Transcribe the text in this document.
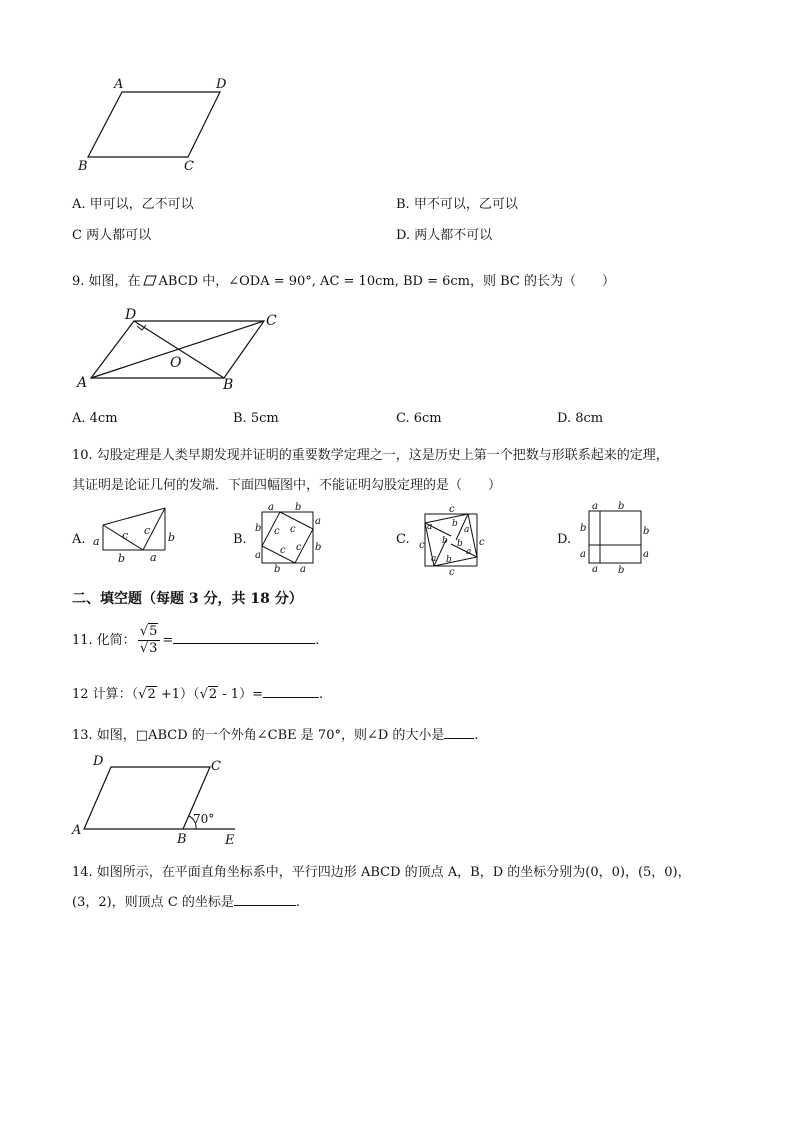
A	D
B	C
A. 甲可以，乙不可以	B. 甲不可以，乙可以
C 两人都可以	D. 两人都不可以
9. 如图，在 ABCD 中，∠ODA = 90°, AC = 10cm, BD = 6cm，则 BC 的长为（　　）
D	C
O
A	B
A. 4cm	B. 5cm	C. 6cm	D. 8cm
10. 勾股定理是人类早期发现并证明的重要数学定理之一，这是历史上第一个把数与形联系起来的定理，
其证明是论证几何的发端．下面四幅图中，不能证明勾股定理的是（　　）
A. a c c
b
b a
B.
a b
b
a
a
b
b a
c c
c c
C.
c
a b
a
b b
a
c	c
a b
c
D.
a b
b
a
b
a
a b
二、填空题（每题 3 分，共 18 分）
11. 化简： $\frac{√5}{√3}$ =	.
12 计算：（√2 +1）（√2 - 1）=	.
13. 如图，□ABCD 的一个外角∠CBE 是 70°，则∠D 的大小是 .
D	C
A
B	E
70°
14. 如图所示，在平面直角坐标系中，平行四边形 ABCD 的顶点 A，B，D 的坐标分别为(0，0)，(5，0)，
(3，2)，则顶点 C 的坐标是	.
